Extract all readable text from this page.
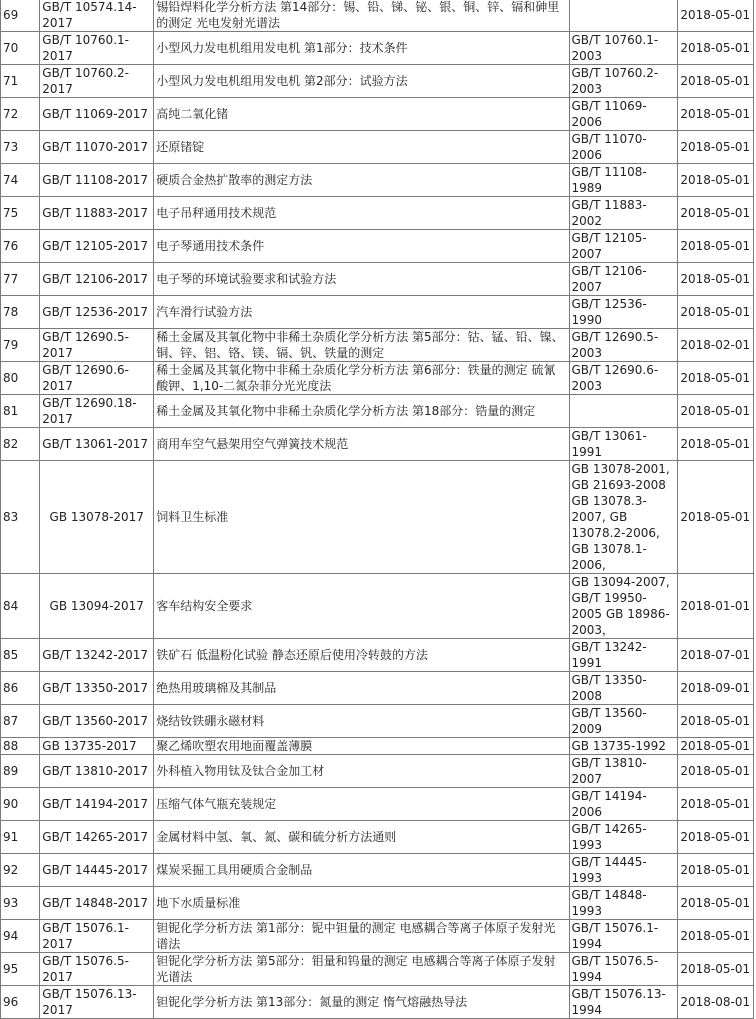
69	GB/T 10574.14-2017	锡铅焊料化学分析方法 第14部分：锡、铅、锑、铋、银、铜、锌、镉和砷里的测定 光电发射光谱法		2018-05-01
70	GB/T 10760.1-2017	小型风力发电机组用发电机 第1部分：技术条件	GB/T 10760.1-2003	2018-05-01
71	GB/T 10760.2-2017	小型风力发电机组用发电机 第2部分：试验方法	GB/T 10760.2-2003	2018-05-01
72	GB/T 11069-2017	高纯二氧化锗	GB/T 11069-2006	2018-05-01
73	GB/T 11070-2017	还原锗锭	GB/T 11070-2006	2018-05-01
74	GB/T 11108-2017	硬质合金热扩散率的测定方法	GB/T 11108-1989	2018-05-01
75	GB/T 11883-2017	电子吊秤通用技术规范	GB/T 11883-2002	2018-05-01
76	GB/T 12105-2017	电子琴通用技术条件	GB/T 12105-2007	2018-05-01
77	GB/T 12106-2017	电子琴的环境试验要求和试验方法	GB/T 12106-2007	2018-05-01
78	GB/T 12536-2017	汽车滑行试验方法	GB/T 12536-1990	2018-05-01
79	GB/T 12690.5-2017	稀土金属及其氧化物中非稀土杂质化学分析方法 第5部分：钴、锰、铅、镍、铜、锌、铝、铬、镁、镉、钒、铁量的测定	GB/T 12690.5-2003	2018-02-01
80	GB/T 12690.6-2017	稀土金属及其氧化物中非稀土杂质化学分析方法 第6部分：铁量的测定 硫氰酸钾、1,10-二氮杂菲分光光度法	GB/T 12690.6-2003	2018-05-01
81	GB/T 12690.18-2017	稀土金属及其氧化物中非稀土杂质化学分析方法 第18部分：锆量的测定		2018-05-01
82	GB/T 13061-2017	商用车空气悬架用空气弹簧技术规范	GB/T 13061-1991	2018-05-01
83	GB 13078-2017	饲料卫生标准	GB 13078-2001, GB 21693-2008 GB 13078.3-2007, GB 13078.2-2006, GB 13078.1-2006,	2018-05-01
84	GB 13094-2017	客车结构安全要求	GB 13094-2007, GB/T 19950-2005 GB 18986-2003，	2018-01-01
85	GB/T 13242-2017	铁矿石 低温粉化试验 静态还原后使用冷转鼓的方法	GB/T 13242-1991	2018-07-01
86	GB/T 13350-2017	绝热用玻璃棉及其制品	GB/T 13350-2008	2018-09-01
87	GB/T 13560-2017	烧结钕铁硼永磁材料	GB/T 13560-2009	2018-05-01
88	GB 13735-2017	聚乙烯吹塑农用地面覆盖薄膜	GB 13735-1992	2018-05-01
89	GB/T 13810-2017	外科植入物用钛及钛合金加工材	GB/T 13810-2007	2018-05-01
90	GB/T 14194-2017	压缩气体气瓶充装规定	GB/T 14194-2006	2018-05-01
91	GB/T 14265-2017	金属材料中氢、氧、氮、碳和硫分析方法通则	GB/T 14265-1993	2018-05-01
92	GB/T 14445-2017	煤炭采掘工具用硬质合金制品	GB/T 14445-1993	2018-05-01
93	GB/T 14848-2017	地下水质量标准	GB/T 14848-1993	2018-05-01
94	GB/T 15076.1-2017	钽铌化学分析方法 第1部分：铌中钽量的测定 电感耦合等离子体原子发射光谱法	GB/T 15076.1-1994	2018-05-01
95	GB/T 15076.5-2017	钽铌化学分析方法 第5部分：钼量和钨量的测定 电感耦合等离子体原子发射光谱法	GB/T 15076.5-1994	2018-05-01
96	GB/T 15076.13-2017	钽铌化学分析方法 第13部分：氮量的测定 惰气熔融热导法	GB/T 15076.13-1994	2018-08-01
